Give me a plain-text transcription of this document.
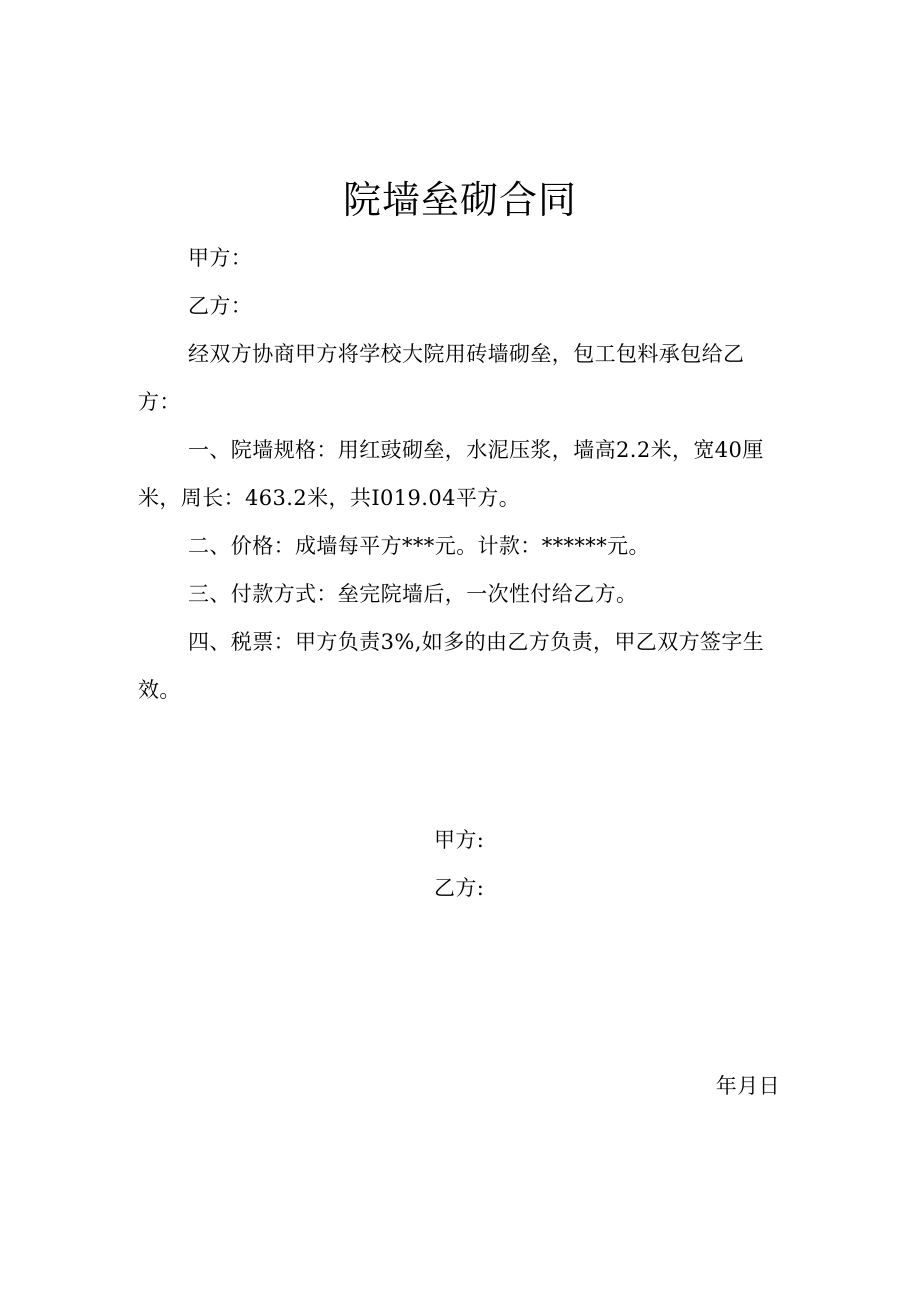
院墙垒砌合同

甲方：

乙方：

经双方协商甲方将学校大院用砖墙砌垒，包工包料承包给乙方：

一、院墙规格：用红豉砌垒，水泥压浆，墙高2.2米，宽40厘米，周长：463.2米，共I019.04平方。

二、价格：成墙每平方***元。计款：******元。

三、付款方式：垒完院墙后，一次性付给乙方。

四、税票：甲方负责3%,如多的由乙方负责，甲乙双方签字生效。

甲方:

乙方:

年月日
